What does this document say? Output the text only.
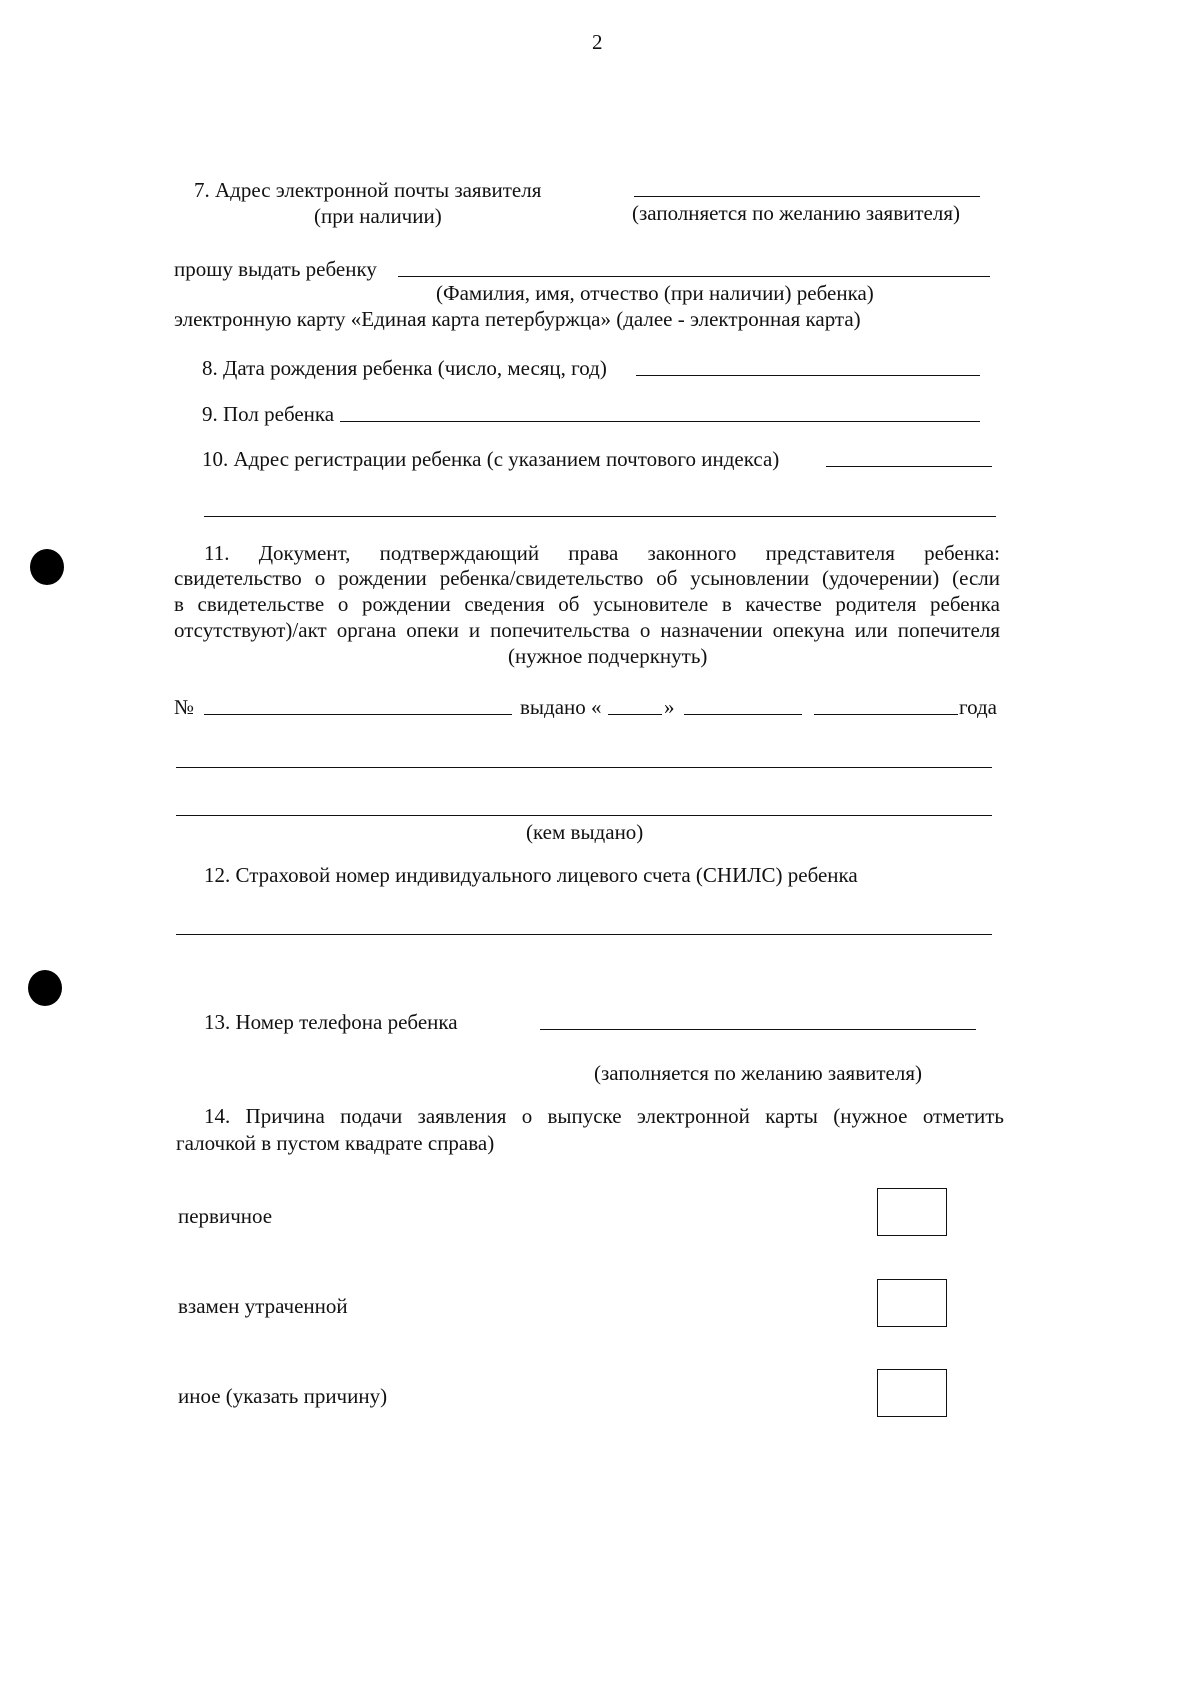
2
7. Адрес электронной почты заявителя
(при наличии)	(заполняется по желанию заявителя)
прошу выдать ребенку
(Фамилия, имя, отчество (при наличии) ребенка)
электронную карту «Единая карта петербуржца» (далее - электронная карта)
8. Дата рождения ребенка (число, месяц, год)
9. Пол ребенка
10. Адрес регистрации ребенка (с указанием почтового индекса)
11. Документ, подтверждающий права законного представителя ребенка:
свидетельство о рождении ребенка/свидетельство об усыновлении (удочерении) (если
в свидетельстве о рождении сведения об усыновителе в качестве родителя ребенка
отсутствуют)/акт органа опеки и попечительства о назначении опекуна или попечителя
(нужное подчеркнуть)
№	выдано «	»	года
(кем выдано)
12. Страховой номер индивидуального лицевого счета (СНИЛС) ребенка
13. Номер телефона ребенка
(заполняется по желанию заявителя)
14. Причина подачи заявления о выпуске электронной карты (нужное отметить
галочкой в пустом квадрате справа)
первичное
взамен утраченной
иное (указать причину)
